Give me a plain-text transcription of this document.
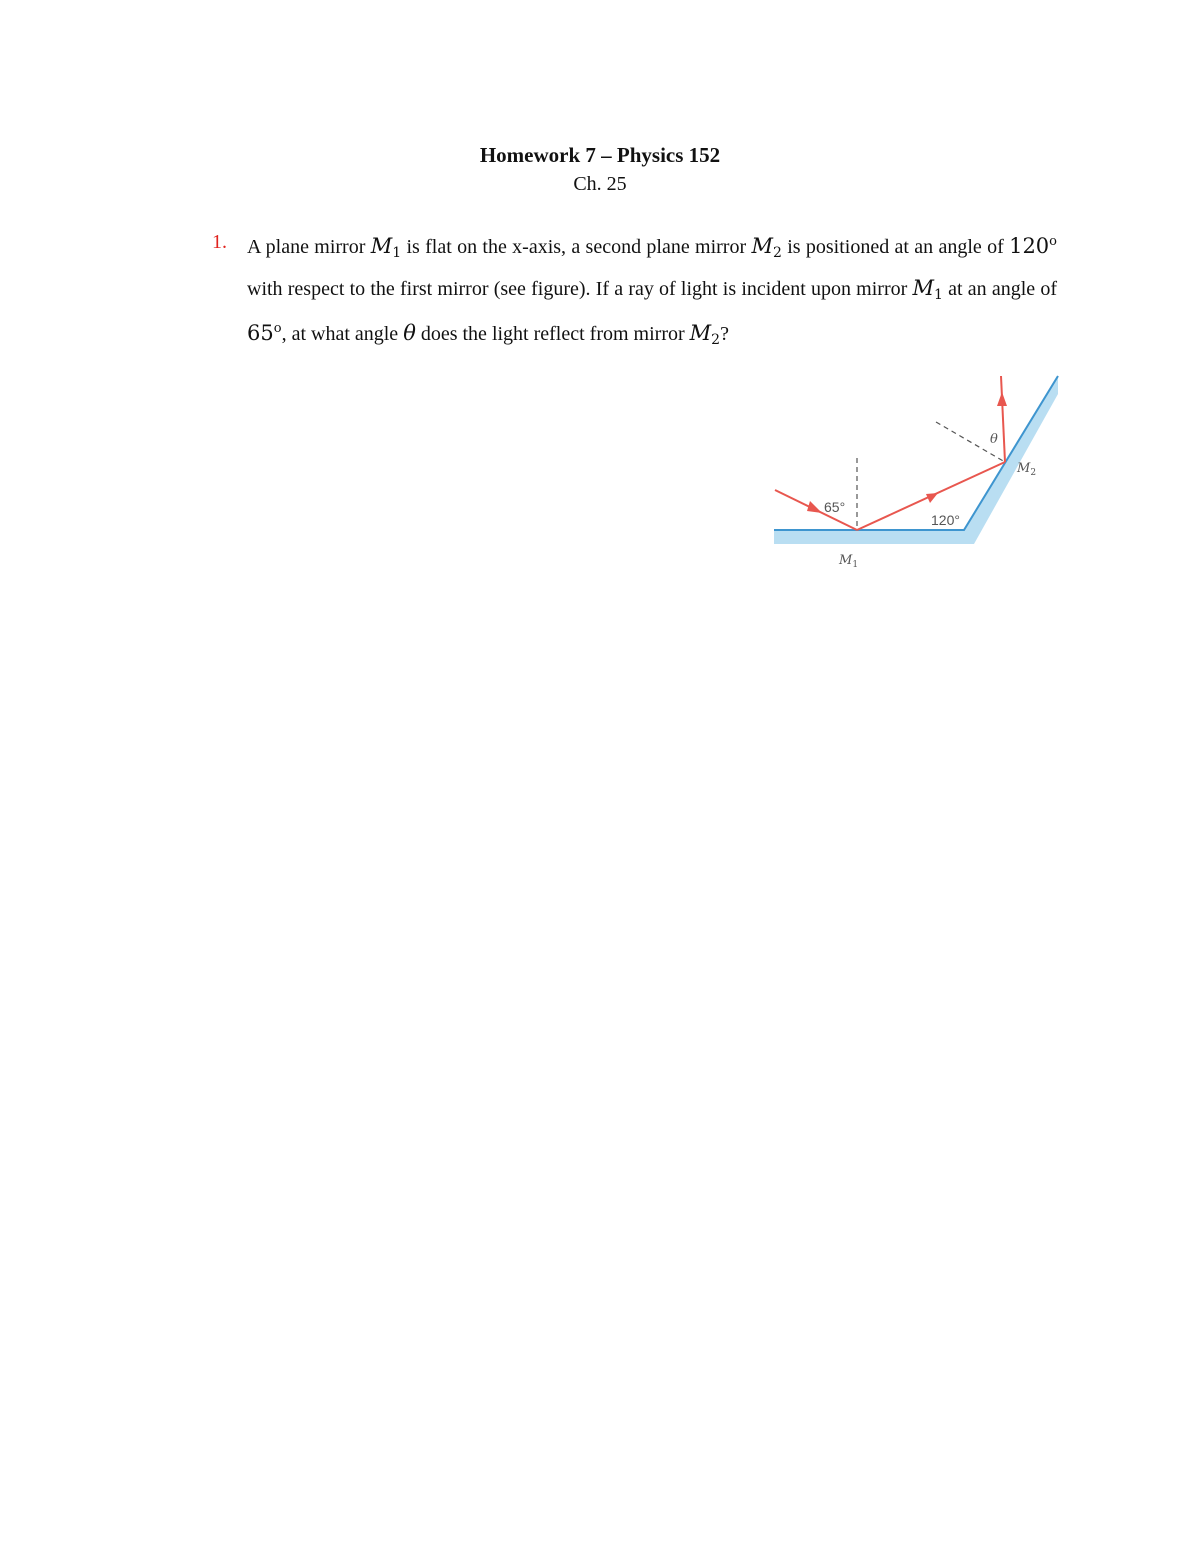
Homework 7 – Physics 152
Ch. 25
1. A plane mirror $M_1$ is flat on the x-axis, a second plane mirror $M_2$ is positioned at an angle of 120$^o$ with respect to the first mirror (see figure). If a ray of light is incident upon mirror $M_1$ at an angle of 65$^o$, at what angle θ does the light reflect from mirror $M_2$?
65°
120°
θ
$M_1$
$M_2$
